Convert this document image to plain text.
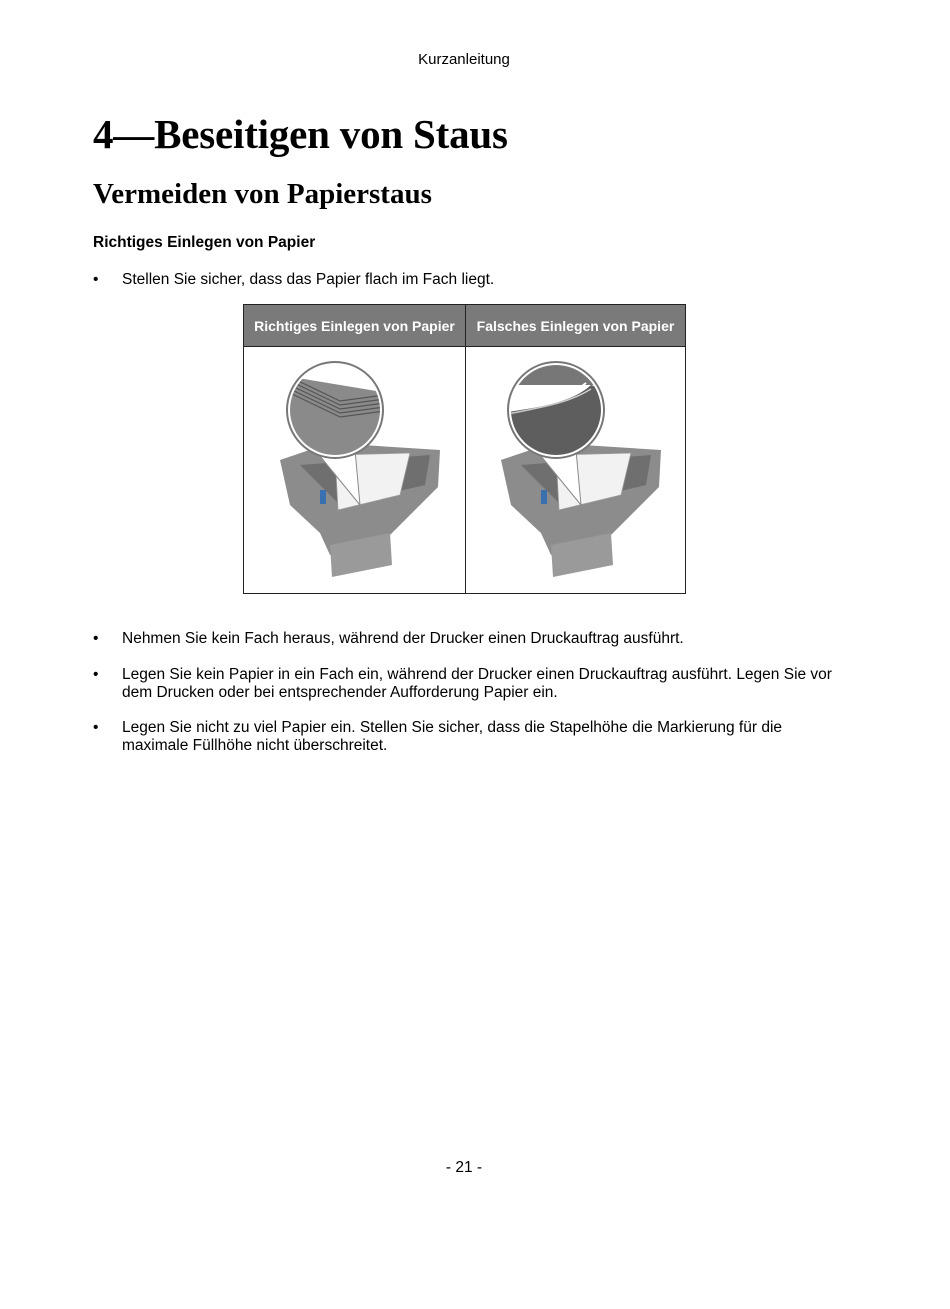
Kurzanleitung
4—Beseitigen von Staus
Vermeiden von Papierstaus
Richtiges Einlegen von Papier
•	Stellen Sie sicher, dass das Papier flach im Fach liegt.
Richtiges Einlegen von Papier	Falsches Einlegen von Papier
•	Nehmen Sie kein Fach heraus, während der Drucker einen Druckauftrag ausführt.
•	Legen Sie kein Papier in ein Fach ein, während der Drucker einen Druckauftrag ausführt. Legen Sie vor dem Drucken oder bei entsprechender Aufforderung Papier ein.
•	Legen Sie nicht zu viel Papier ein. Stellen Sie sicher, dass die Stapelhöhe die Markierung für die maximale Füllhöhe nicht überschreitet.
- 21 -
